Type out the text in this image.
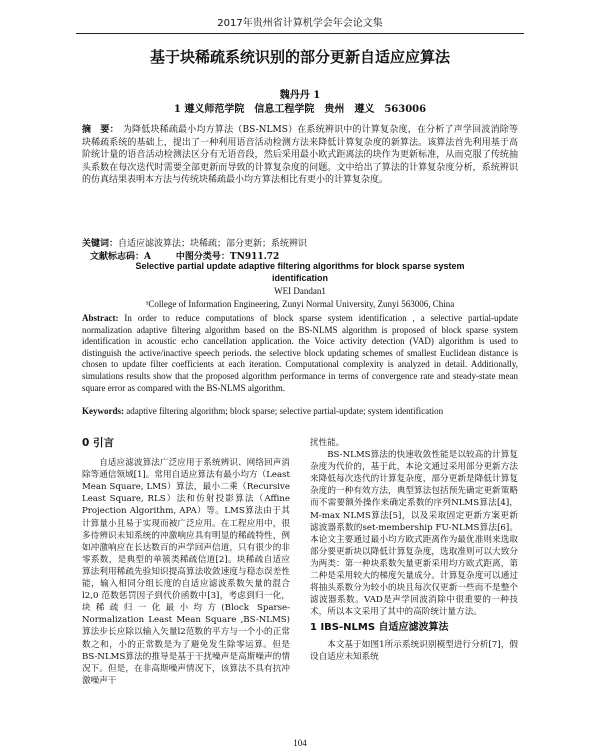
2017年贵州省计算机学会年会论文集
基于块稀疏系统识别的部分更新自适应应算法
魏丹丹 1
1 遵义师范学院　信息工程学院　贵州　遵义　563006
摘　要： 为降低块稀疏最小均方算法（BS-NLMS）在系统辨识中的计算复杂度，在分析了声学回波消除等块稀疏系统的基础上，提出了一种利用语音活动检测方法来降低计算复杂度的新算法。该算法首先利用基于高阶统计量的语音活动检测法区分有无语音段，然后采用最小欧式距离法的块作为更新标准，从而克服了传统抽头系数在每次迭代时需要全部更新而导致的计算复杂度的问题。文中给出了算法的计算复杂度分析，系统辨识的仿真结果表明本方法与传统块稀疏最小均方算法相比有更小的计算复杂度。
关键词：自适应滤波算法；块稀疏；部分更新；系统辨识
文献标志码：A	中图分类号：TN911.72
Selective partial update adaptive filtering algorithms for block sparse system identification
WEI Dandan1
¹College of Information Engineering, Zunyi Normal University, Zunyi 563006, China
Abstract: In order to reduce computations of block sparse system identification , a selective partial-update normalization adaptive filtering algorithm based on the BS-NLMS algorithm is proposed of block sparse system identification in acoustic echo cancellation application. the Voice activity detection (VAD) algorithm is used to distinguish the active/inactive speech periods. the selective block updating schemes of smallest Euclidean distance is chosen to update filter coefficients at each iteration. Computational complexity is analyzed in detail. Additionally, simulations results show that the proposed algorithm performance in terms of convergence rate and steady-state mean square error as compared with the BS-NLMS algorithm.
Keywords: adaptive filtering algorithm; block sparse; selective partial-update; system identification
0 引言

自适应滤波算法广泛应用于系统辨识、网络回声消除等通信领域[1]。常用自适应算法有最小均方（Least Mean Square, LMS）算法，最小二乘（Recursive Least Square, RLS）法和仿射投影算法（Affine Projection Algorithm, APA）等。LMS算法由于其计算量小且易于实现而被广泛应用。在工程应用中，很多待辨识未知系统的冲激响应具有明显的稀疏特性，例如冲激响应在长达数百的声学回声信道，只有很少的非零系数，是典型的单簇类稀疏信道[2]。块稀疏自适应算法利用稀疏先验知识提高算法收敛速度与稳态误差性能，输入相同分组长度的自适应滤波系数矢量的混合 l2,0 范数惩罚因子到代价函数中[3]，考虑到归一化，块稀疏归一化最小均方(Block Sparse-Normalization Least Mean Square ,BS-NLMS)算法步长应除以输入矢量l2范数的平方与一个小的正常数之和，小的正常数是为了避免发生除零运算。但是BS-NLMS算法的推导是基于干扰噪声是高斯噪声的情况下。但是，在非高斯噪声情况下，该算法不具有抗冲激噪声干

扰性能。

BS-NLMS算法的快速收敛性能是以较高的计算复杂度为代价的，基于此，本论文通过采用部分更新方法来降低每次迭代的计算复杂度，部分更新是降低计算复杂度的一种有效方法，典型算法包括预先确定更新策略而不需要额外操作来确定系数的序列NLMS算法[4]，M-max NLMS算法[5]，以及采取固定更新方案更新滤波器系数的set-membership FU-NLMS算法[6]。本论文主要通过最小均方欧式距离作为最优准则来选取部分要更新块以降低计算复杂度，选取准则可以大致分为两类：第一种块系数矢量更新采用均方欧式距离，第二种是采用较大的梯度矢量成分。计算复杂度可以通过将抽头系数分为较小的块且每次仅更新一些而不是整个滤波器系数。VAD是声学回波消除中很重要的一种技术，所以本文采用了其中的高阶统计量方法。

1 IBS-NLMS 自适应滤波算法

本文基于如图1所示系统识别模型进行分析[7]，假设自适应未知系统

104
